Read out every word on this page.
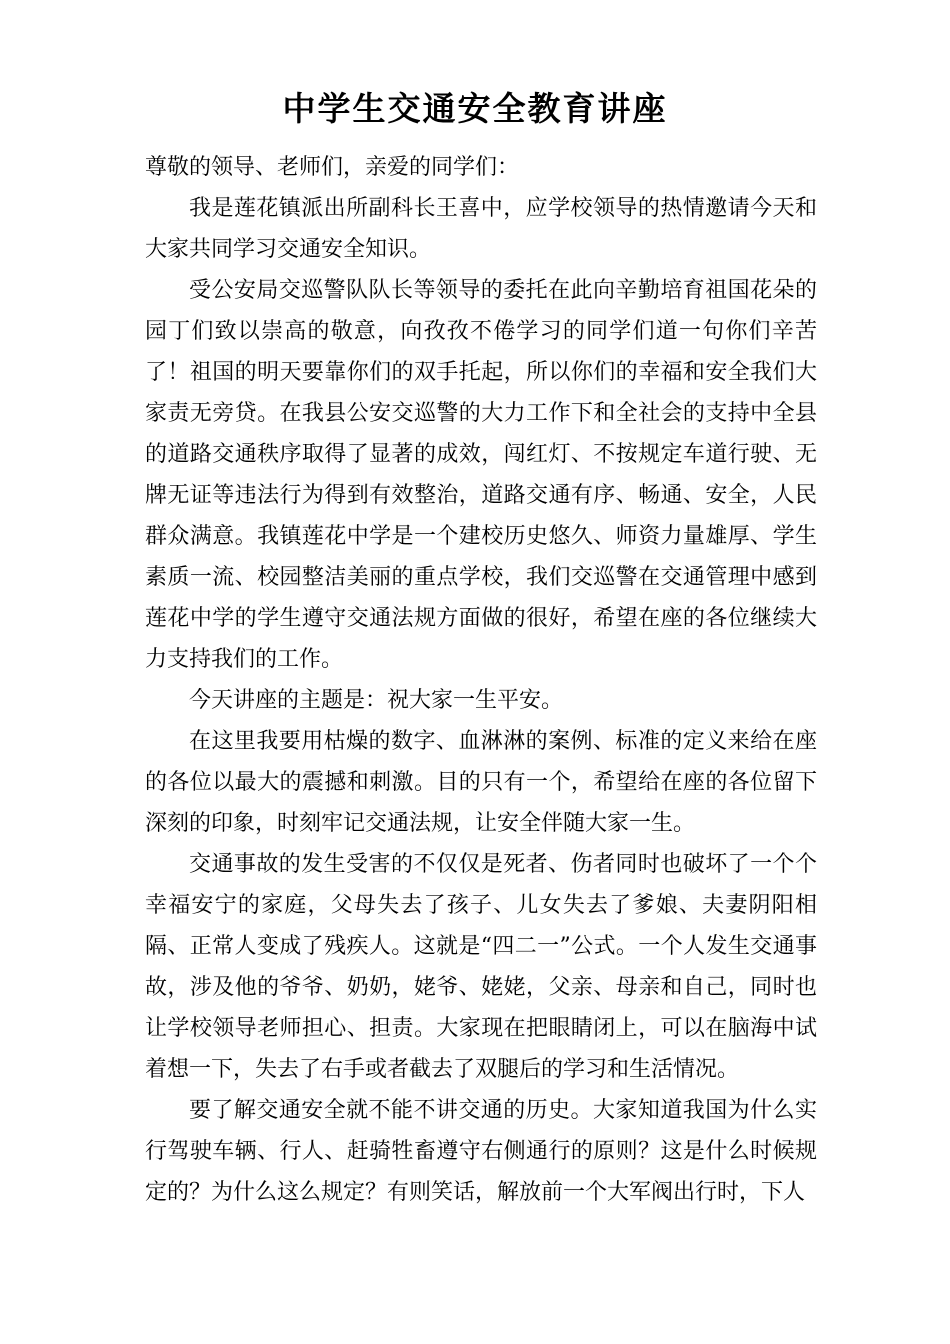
中学生交通安全教育讲座

尊敬的领导、老师们，亲爱的同学们：

我是莲花镇派出所副科长王喜中，应学校领导的热情邀请今天和大家共同学习交通安全知识。

受公安局交巡警队队长等领导的委托在此向辛勤培育祖国花朵的园丁们致以崇高的敬意，向孜孜不倦学习的同学们道一句你们辛苦了！祖国的明天要靠你们的双手托起，所以你们的幸福和安全我们大家责无旁贷。在我县公安交巡警的大力工作下和全社会的支持中全县的道路交通秩序取得了显著的成效，闯红灯、不按规定车道行驶、无牌无证等违法行为得到有效整治，道路交通有序、畅通、安全，人民群众满意。我镇莲花中学是一个建校历史悠久、师资力量雄厚、学生素质一流、校园整洁美丽的重点学校，我们交巡警在交通管理中感到莲花中学的学生遵守交通法规方面做的很好，希望在座的各位继续大力支持我们的工作。

今天讲座的主题是：祝大家一生平安。

在这里我要用枯燥的数字、血淋淋的案例、标准的定义来给在座的各位以最大的震撼和刺激。目的只有一个，希望给在座的各位留下深刻的印象，时刻牢记交通法规，让安全伴随大家一生。

交通事故的发生受害的不仅仅是死者、伤者同时也破坏了一个个幸福安宁的家庭，父母失去了孩子、儿女失去了爹娘、夫妻阴阳相隔、正常人变成了残疾人。这就是“四二一”公式。一个人发生交通事故，涉及他的爷爷、奶奶，姥爷、姥姥，父亲、母亲和自己，同时也让学校领导老师担心、担责。大家现在把眼睛闭上，可以在脑海中试着想一下，失去了右手或者截去了双腿后的学习和生活情况。

要了解交通安全就不能不讲交通的历史。大家知道我国为什么实行驾驶车辆、行人、赶骑牲畜遵守右侧通行的原则？这是什么时候规定的？为什么这么规定？有则笑话，解放前一个大军阀出行时，下人
